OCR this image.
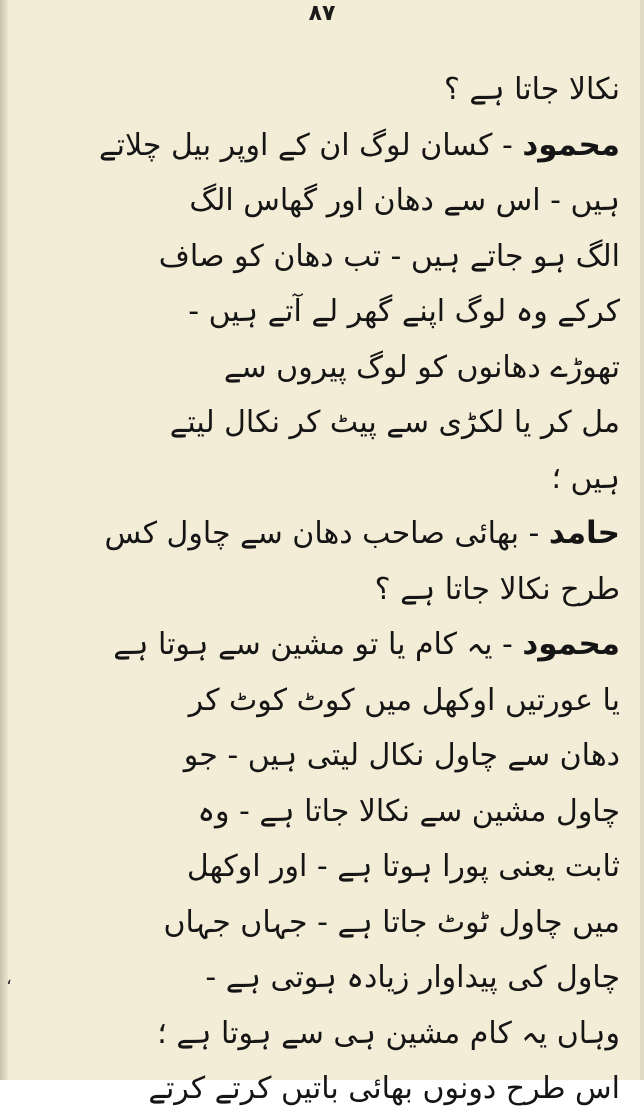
۸۷
نکالا جاتا ہے ؟
محمود - کسان لوگ ان کے اوپر بیل چلاتے
ہیں - اس سے دھان اور گھاس الگ
الگ ہو جاتے ہیں - تب دھان کو صاف
کرکے وہ لوگ اپنے گھر لے آتے ہیں -
تھوڑے دھانوں کو لوگ پیروں سے
مل کر یا لکڑی سے پیٹ کر نکال لیتے
ہیں ؛
حامد - بھائی صاحب دھان سے چاول کس
طرح نکالا جاتا ہے ؟
محمود - یہ کام یا تو مشین سے ہوتا ہے
یا عورتیں اوکھل میں کوٹ کوٹ کر
دھان سے چاول نکال لیتی ہیں - جو
چاول مشین سے نکالا جاتا ہے - وہ
ثابت یعنی پورا ہوتا ہے - اور اوکھل
میں چاول ٹوٹ جاتا ہے - جہاں جہاں
چاول کی پیداوار زیادہ ہوتی ہے -
وہاں یہ کام مشین ہی سے ہوتا ہے ؛
اس طرح دونوں بھائی باتیں کرتے کرتے
،
